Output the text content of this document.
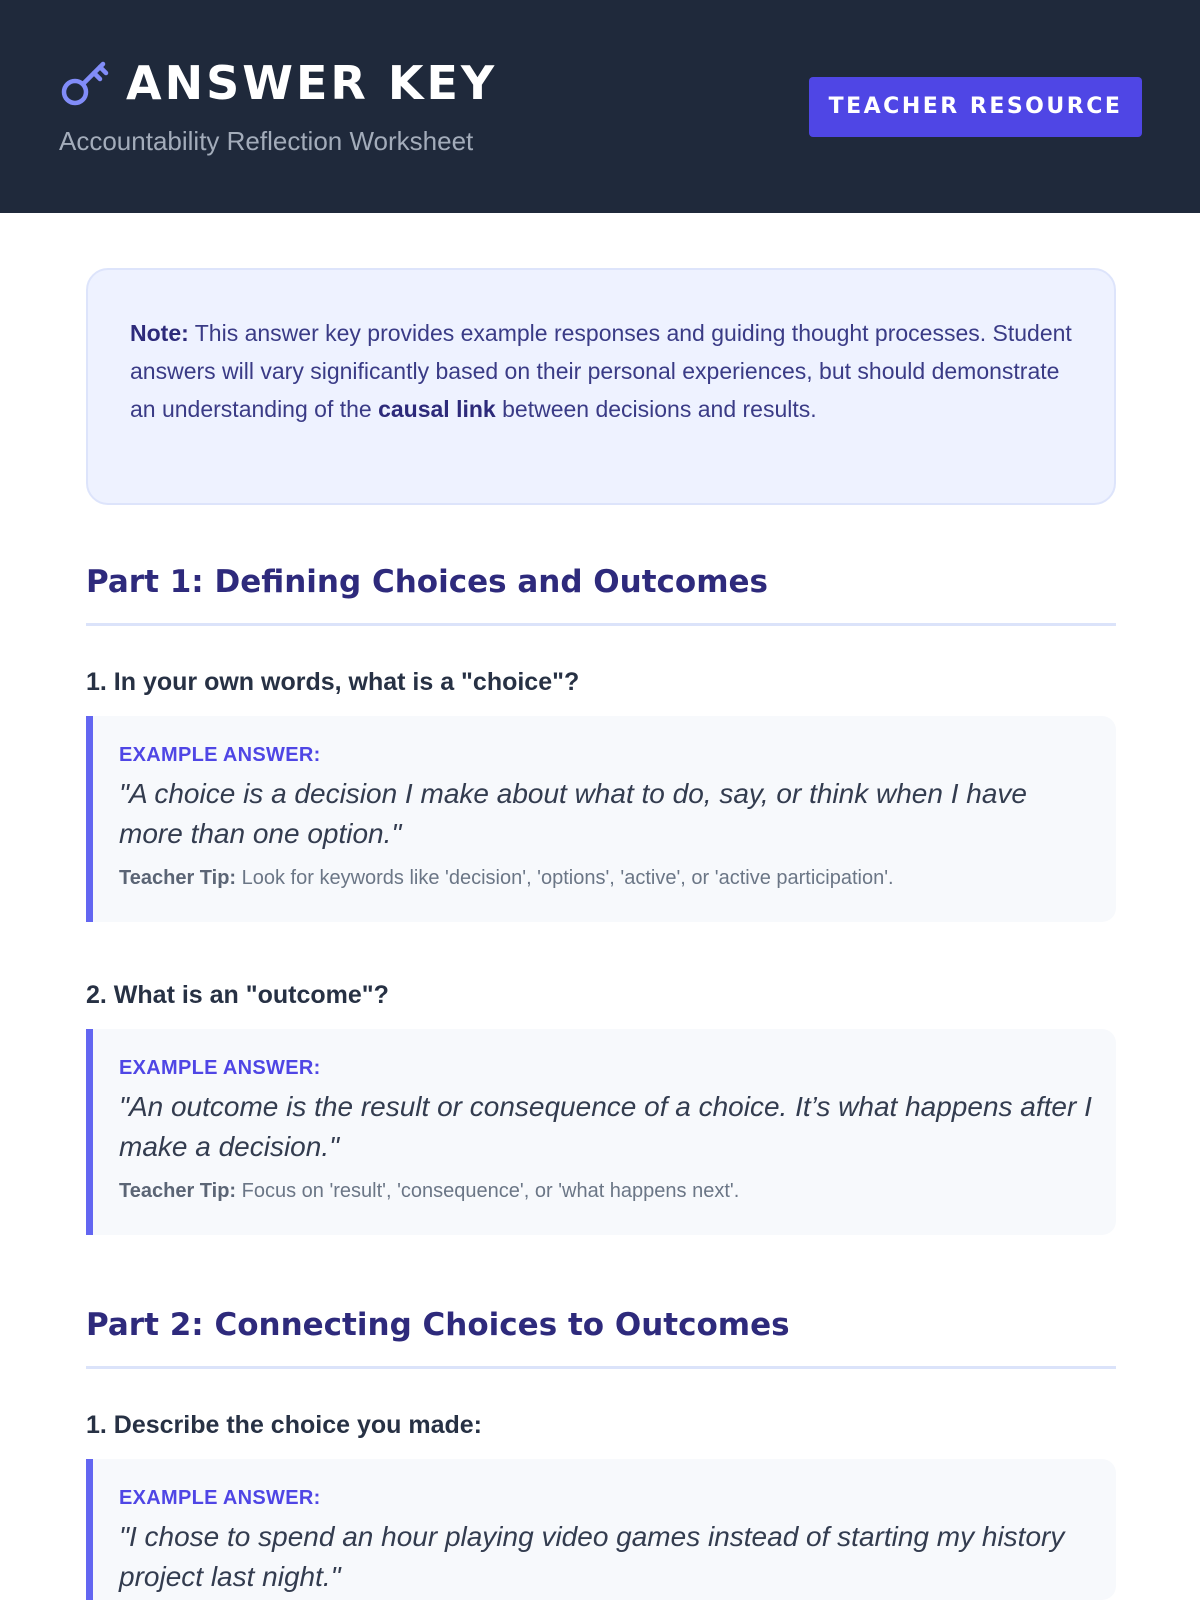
ANSWER KEY
Accountability Reflection Worksheet
TEACHER RESOURCE
Note: This answer key provides example responses and guiding thought processes. Student answers will vary significantly based on their personal experiences, but should demonstrate an understanding of the causal link between decisions and results.
Part 1: Defining Choices and Outcomes
1. In your own words, what is a "choice"?
EXAMPLE ANSWER:
"A choice is a decision I make about what to do, say, or think when I have more than one option."
Teacher Tip: Look for keywords like 'decision', 'options', 'active', or 'active participation'.
2. What is an "outcome"?
EXAMPLE ANSWER:
"An outcome is the result or consequence of a choice. It’s what happens after I make a decision."
Teacher Tip: Focus on 'result', 'consequence', or 'what happens next'.
Part 2: Connecting Choices to Outcomes
1. Describe the choice you made:
EXAMPLE ANSWER:
"I chose to spend an hour playing video games instead of starting my history project last night."
